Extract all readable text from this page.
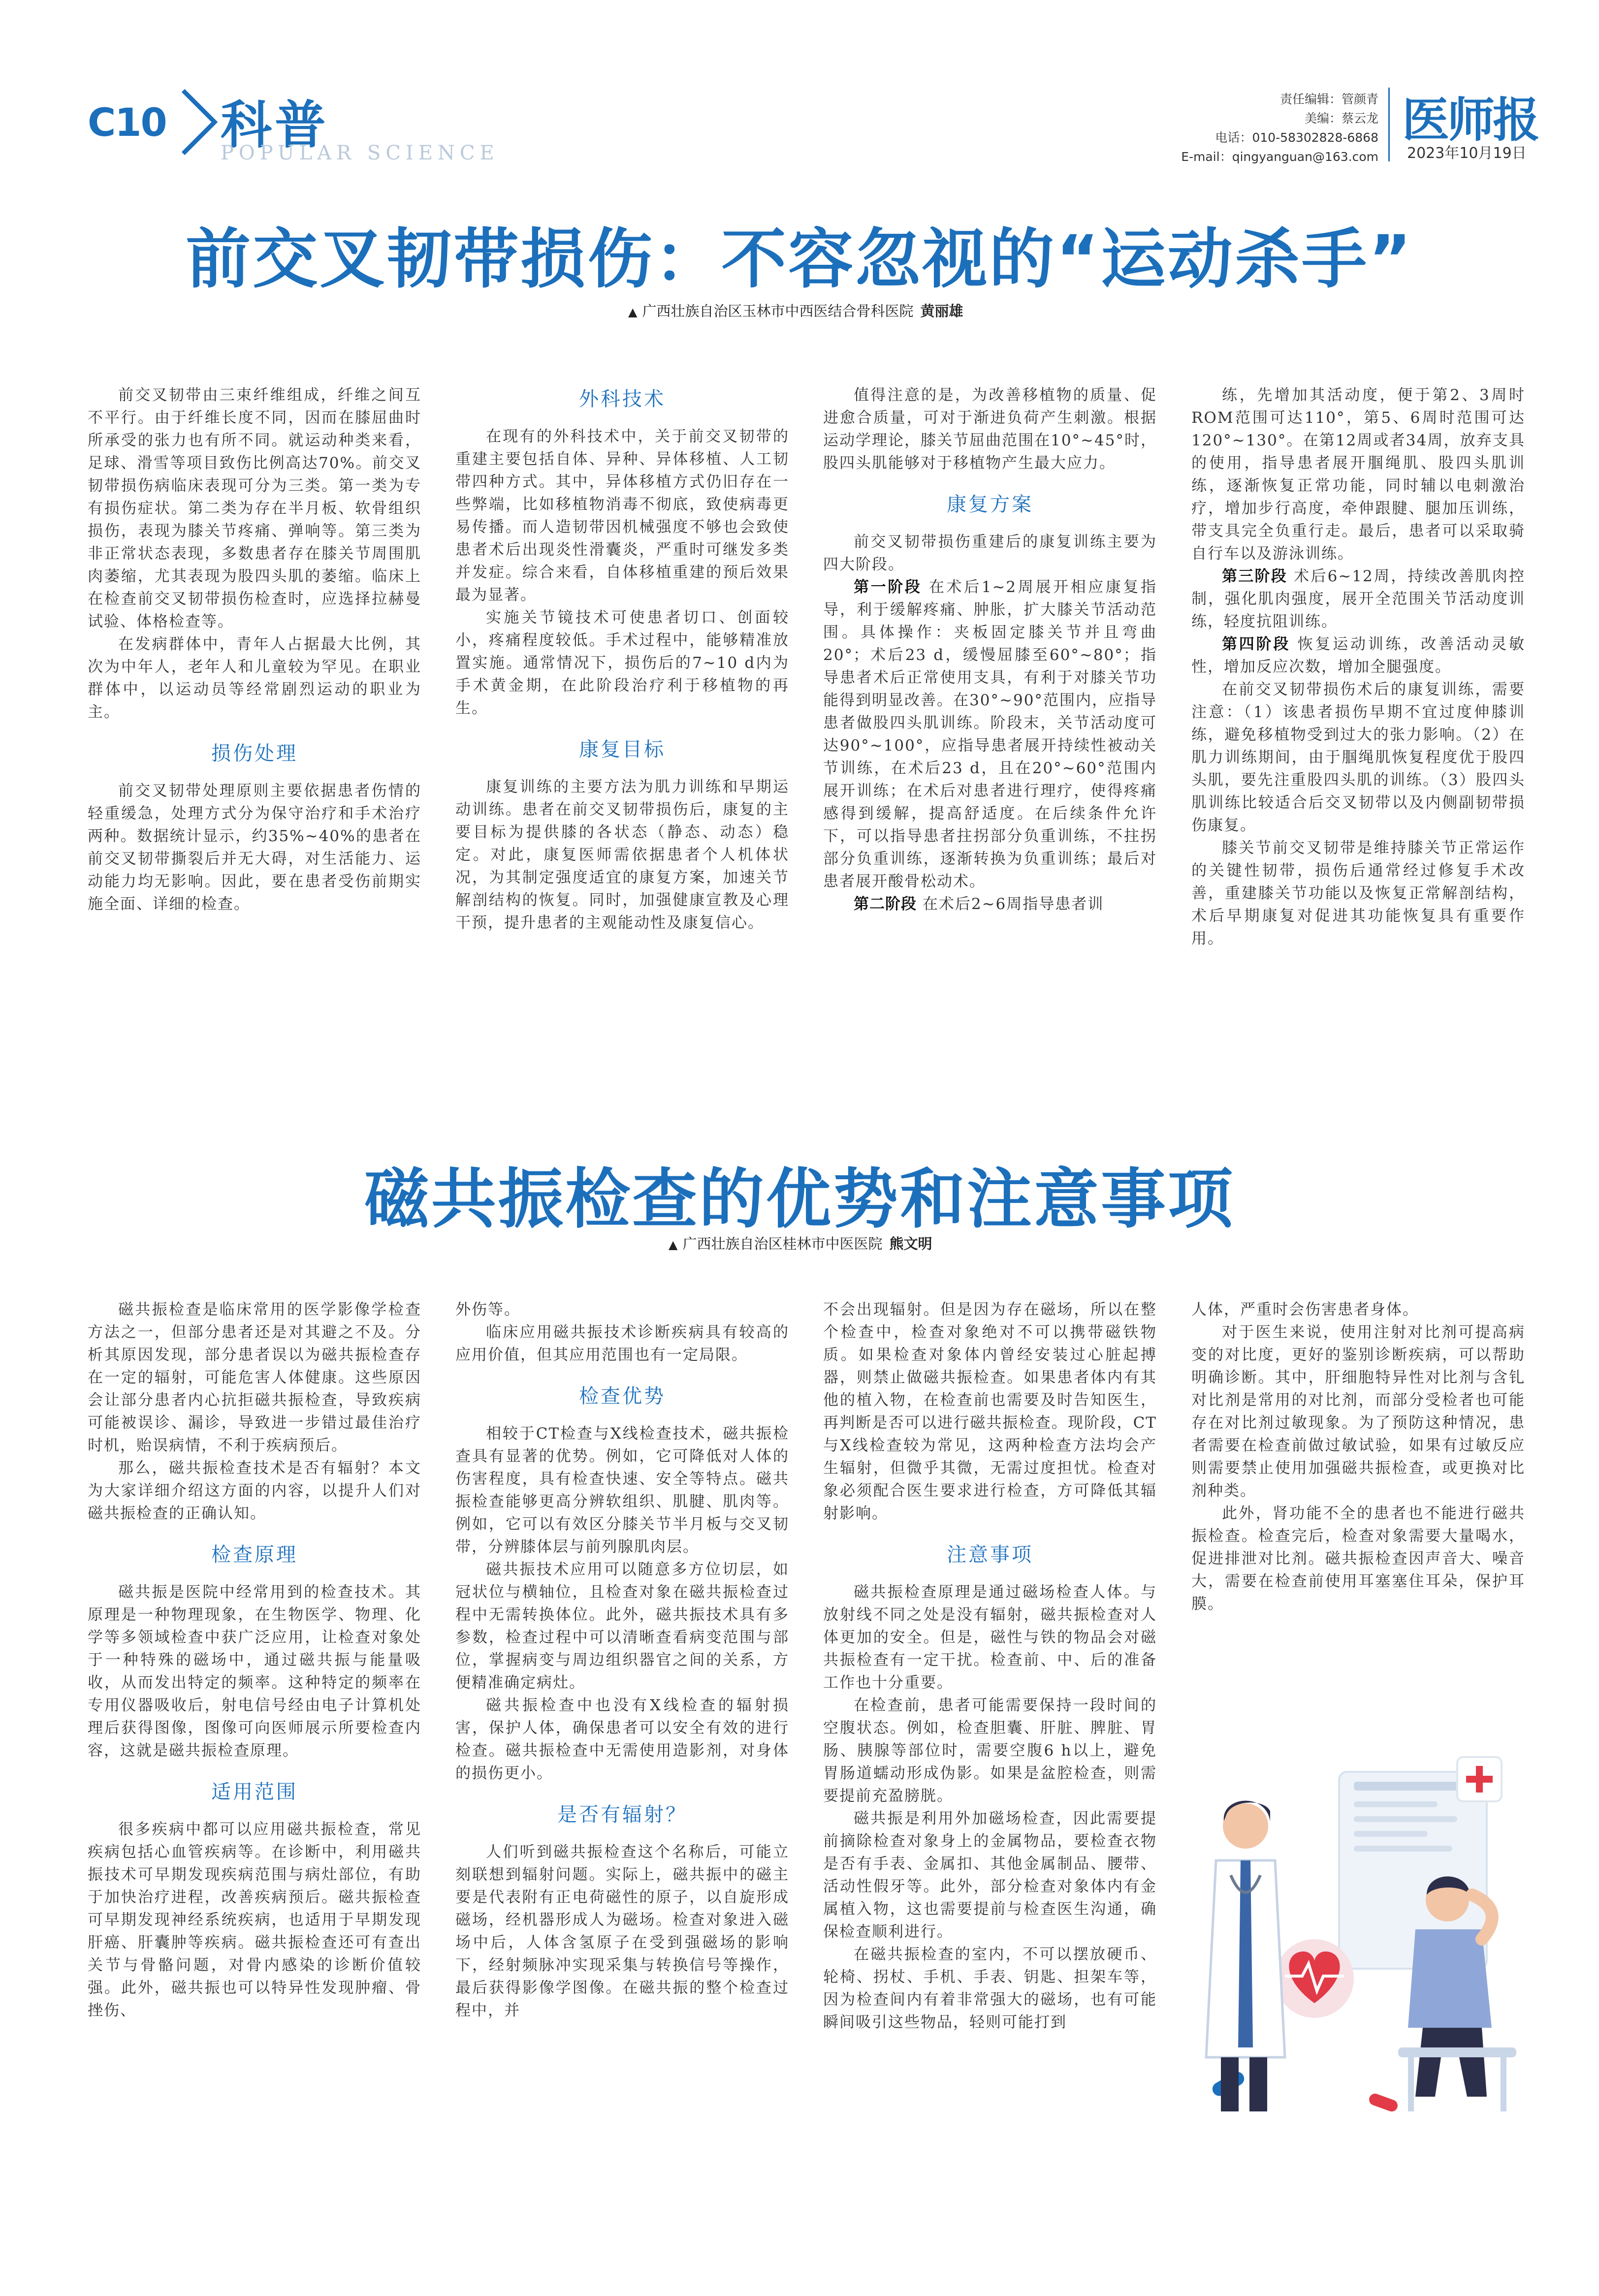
C10 科普
POPULAR SCIENCE
责任编辑：管颜青
美编：蔡云龙
电话：010-58302828-6868
E-mail：qingyanguan@163.com
医师报
2023年10月19日
前交叉韧带损伤：不容忽视的“运动杀手”
▲ 广西壮族自治区玉林市中西医结合骨科医院 黄丽雄

前交叉韧带由三束纤维组成，纤维之间互不平行。由于纤维长度不同，因而在膝屈曲时所承受的张力也有所不同。就运动种类来看，足球、滑雪等项目致伤比例高达70%。前交叉韧带损伤病临床表现可分为三类。第一类为专有损伤症状。第二类为存在半月板、软骨组织损伤，表现为膝关节疼痛、弹响等。第三类为非正常状态表现，多数患者存在膝关节周围肌肉萎缩，尤其表现为股四头肌的萎缩。临床上在检查前交叉韧带损伤检查时，应选择拉赫曼试验、体格检查等。

在发病群体中，青年人占据最大比例，其次为中年人，老年人和儿童较为罕见。在职业群体中，以运动员等经常剧烈运动的职业为主。

损伤处理

前交叉韧带处理原则主要依据患者伤情的轻重缓急，处理方式分为保守治疗和手术治疗两种。数据统计显示，约35%~40%的患者在前交叉韧带撕裂后并无大碍，对生活能力、运动能力均无影响。因此，要在患者受伤前期实施全面、详细的检查。

外科技术

在现有的外科技术中，关于前交叉韧带的重建主要包括自体、异种、异体移植、人工韧带四种方式。其中，异体移植方式仍旧存在一些弊端，比如移植物消毒不彻底，致使病毒更易传播。而人造韧带因机械强度不够也会致使患者术后出现炎性滑囊炎，严重时可继发多类并发症。综合来看，自体移植重建的预后效果最为显著。

实施关节镜技术可使患者切口、创面较小，疼痛程度较低。手术过程中，能够精准放置实施。通常情况下，损伤后的7~10 d内为手术黄金期，在此阶段治疗利于移植物的再生。

康复目标

康复训练的主要方法为肌力训练和早期运动训练。患者在前交叉韧带损伤后，康复的主要目标为提供膝的各状态（静态、动态）稳定。对此，康复医师需依据患者个人机体状况，为其制定强度适宜的康复方案，加速关节解剖结构的恢复。同时，加强健康宣教及心理干预，提升患者的主观能动性及康复信心。

值得注意的是，为改善移植物的质量、促进愈合质量，可对于渐进负荷产生刺激。根据运动学理论，膝关节屈曲范围在10°~45°时，股四头肌能够对于移植物产生最大应力。

康复方案

前交叉韧带损伤重建后的康复训练主要为四大阶段。

第一阶段 在术后1~2周展开相应康复指导，利于缓解疼痛、肿胀，扩大膝关节活动范围。具体操作：夹板固定膝关节并且弯曲20°；术后23 d，缓慢屈膝至60°~80°；指导患者术后正常使用支具，有利于对膝关节功能得到明显改善。在30°~90°范围内，应指导患者做股四头肌训练。阶段末，关节活动度可达90°~100°，应指导患者展开持续性被动关节训练，在术后23 d，且在20°~60°范围内展开训练；在术后对患者进行理疗，使得疼痛感得到缓解，提高舒适度。在后续条件允许下，可以指导患者拄拐部分负重训练，不拄拐部分负重训练，逐渐转换为负重训练；最后对患者展开酸骨松动术。

第二阶段 在术后2~6周指导患者训

练，先增加其活动度，便于第2、3周时ROM范围可达110°，第5、6周时范围可达120°~130°。在第12周或者34周，放弃支具的使用，指导患者展开腘绳肌、股四头肌训练，逐渐恢复正常功能，同时辅以电刺激治疗，增加步行高度，牵伸跟腱、腿加压训练，带支具完全负重行走。最后，患者可以采取骑自行车以及游泳训练。

第三阶段 术后6~12周，持续改善肌肉控制，强化肌肉强度，展开全范围关节活动度训练，轻度抗阻训练。

第四阶段 恢复运动训练，改善活动灵敏性，增加反应次数，增加全腿强度。

在前交叉韧带损伤术后的康复训练，需要注意：（1）该患者损伤早期不宜过度伸膝训练，避免移植物受到过大的张力影响。（2）在肌力训练期间，由于腘绳肌恢复程度优于股四头肌，要先注重股四头肌的训练。（3）股四头肌训练比较适合后交叉韧带以及内侧副韧带损伤康复。

膝关节前交叉韧带是维持膝关节正常运作的关键性韧带，损伤后通常经过修复手术改善，重建膝关节功能以及恢复正常解剖结构，术后早期康复对促进其功能恢复具有重要作用。

磁共振检查的优势和注意事项
▲ 广西壮族自治区桂林市中医医院 熊文明

磁共振检查是临床常用的医学影像学检查方法之一，但部分患者还是对其避之不及。分析其原因发现，部分患者误以为磁共振检查存在一定的辐射，可能危害人体健康。这些原因会让部分患者内心抗拒磁共振检查，导致疾病可能被误诊、漏诊，导致进一步错过最佳治疗时机，贻误病情，不利于疾病预后。

那么，磁共振检查技术是否有辐射？本文为大家详细介绍这方面的内容，以提升人们对磁共振检查的正确认知。

检查原理

磁共振是医院中经常用到的检查技术。其原理是一种物理现象，在生物医学、物理、化学等多领域检查中获广泛应用，让检查对象处于一种特殊的磁场中，通过磁共振与能量吸收，从而发出特定的频率。这种特定的频率在专用仪器吸收后，射电信号经由电子计算机处理后获得图像，图像可向医师展示所要检查内容，这就是磁共振检查原理。

适用范围

很多疾病中都可以应用磁共振检查，常见疾病包括心血管疾病等。在诊断中，利用磁共振技术可早期发现疾病范围与病灶部位，有助于加快治疗进程，改善疾病预后。磁共振检查可早期发现神经系统疾病，也适用于早期发现肝癌、肝囊肿等疾病。磁共振检查还可有查出关节与骨骼问题，对骨内感染的诊断价值较强。此外，磁共振也可以特异性发现肿瘤、骨挫伤、

外伤等。

临床应用磁共振技术诊断疾病具有较高的应用价值，但其应用范围也有一定局限。

检查优势

相较于CT检查与X线检查技术，磁共振检查具有显著的优势。例如，它可降低对人体的伤害程度，具有检查快速、安全等特点。磁共振检查能够更高分辨软组织、肌腱、肌肉等。例如，它可以有效区分膝关节半月板与交叉韧带，分辨膝体层与前列腺肌肉层。

磁共振技术应用可以随意多方位切层，如冠状位与横轴位，且检查对象在磁共振检查过程中无需转换体位。此外，磁共振技术具有多参数，检查过程中可以清晰查看病变范围与部位，掌握病变与周边组织器官之间的关系，方便精准确定病灶。

磁共振检查中也没有X线检查的辐射损害，保护人体，确保患者可以安全有效的进行检查。磁共振检查中无需使用造影剂，对身体的损伤更小。

是否有辐射？

人们听到磁共振检查这个名称后，可能立刻联想到辐射问题。实际上，磁共振中的磁主要是代表附有正电荷磁性的原子，以自旋形成磁场，经机器形成人为磁场。检查对象进入磁场中后，人体含氢原子在受到强磁场的影响下，经射频脉冲实现采集与转换信号等操作，最后获得影像学图像。在磁共振的整个检查过程中，并

不会出现辐射。但是因为存在磁场，所以在整个检查中，检查对象绝对不可以携带磁铁物质。如果检查对象体内曾经安装过心脏起搏器，则禁止做磁共振检查。如果患者体内有其他的植入物，在检查前也需要及时告知医生，再判断是否可以进行磁共振检查。现阶段，CT与X线检查较为常见，这两种检查方法均会产生辐射，但微乎其微，无需过度担忧。检查对象必须配合医生要求进行检查，方可降低其辐射影响。

注意事项

磁共振检查原理是通过磁场检查人体。与放射线不同之处是没有辐射，磁共振检查对人体更加的安全。但是，磁性与铁的物品会对磁共振检查有一定干扰。检查前、中、后的准备工作也十分重要。

在检查前，患者可能需要保持一段时间的空腹状态。例如，检查胆囊、肝脏、脾脏、胃肠、胰腺等部位时，需要空腹6 h以上，避免胃肠道蠕动形成伪影。如果是盆腔检查，则需要提前充盈膀胱。

磁共振是利用外加磁场检查，因此需要提前摘除检查对象身上的金属物品，要检查衣物是否有手表、金属扣、其他金属制品、腰带、活动性假牙等。此外，部分检查对象体内有金属植入物，这也需要提前与检查医生沟通，确保检查顺利进行。

在磁共振检查的室内，不可以摆放硬币、轮椅、拐杖、手机、手表、钥匙、担架车等，因为检查间内有着非常强大的磁场，也有可能瞬间吸引这些物品，轻则可能打到

人体，严重时会伤害患者身体。

对于医生来说，使用注射对比剂可提高病变的对比度，更好的鉴别诊断疾病，可以帮助明确诊断。其中，肝细胞特异性对比剂与含钆对比剂是常用的对比剂，而部分受检者也可能存在对比剂过敏现象。为了预防这种情况，患者需要在检查前做过敏试验，如果有过敏反应则需要禁止使用加强磁共振检查，或更换对比剂种类。

此外，肾功能不全的患者也不能进行磁共振检查。检查完后，检查对象需要大量喝水，促进排泄对比剂。磁共振检查因声音大、噪音大，需要在检查前使用耳塞塞住耳朵，保护耳膜。
